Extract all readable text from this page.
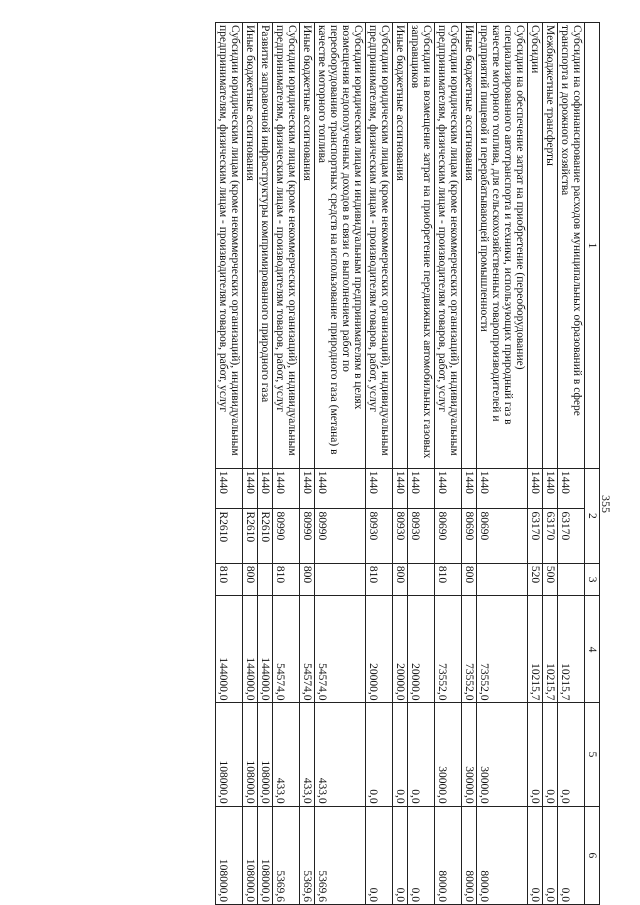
355
1	2		3	4	5	6
Субсидии на софинансирование расходов муниципальных образований в сфере транспорта и дорожного хозяйства	1440	63170		10215,7	0,0	0,0
Межбюджетные трансферты	1440	63170	500	10215,7	0,0	0,0
Субсидии	1440	63170	520	10215,7	0,0	0,0
Субсидии на обеспечение затрат на приобретение (переоборудование) специализированного автотранспорта и техники, использующих природный газ в качестве моторного топлива, для сельскохозяйственных товаропроизводителей и предприятий пищевой и перерабатывающей промышленности	1440	80690		73552,0	30000,0	8000,0
Иные бюджетные ассигнования	1440	80690	800	73552,0	30000,0	8000,0
Субсидии юридическим лицам (кроме некоммерческих организаций), индивидуальным предпринимателям, физическим лицам - производителям товаров, работ, услуг	1440	80690	810	73552,0	30000,0	8000,0
Субсидии на возмещение затрат на приобретение передвижных автомобильных газовых заправщиков	1440	80930		20000,0	0,0	0,0
Иные бюджетные ассигнования	1440	80930	800	20000,0	0,0	0,0
Субсидии юридическим лицам (кроме некоммерческих организаций), индивидуальным предпринимателям, физическим лицам - производителям товаров, работ, услуг	1440	80930	810	20000,0	0,0	0,0
Субсидии юридическим лицам и индивидуальным предпринимателям в целях возмещения недополученных доходов в связи с выполнением работ по переоборудованию транспортных средств на использование природного газа (метана) в качестве моторного топлива	1440	80990		54574,0	433,0	5369,6
Иные бюджетные ассигнования	1440	80990	800	54574,0	433,0	5369,6
Субсидии юридическим лицам (кроме некоммерческих организаций), индивидуальным предпринимателям, физическим лицам - производителям товаров, работ, услуг	1440	80990	810	54574,0	433,0	5369,6
Развитие заправочной инфраструктуры компримированного природного газа	1440	R2610		144000,0	108000,0	108000,0
Иные бюджетные ассигнования	1440	R2610	800	144000,0	108000,0	108000,0
Субсидии юридическим лицам (кроме некоммерческих организаций), индивидуальным предпринимателям, физическим лицам - производителям товаров, работ, услуг	1440	R2610	810	144000,0	108000,0	108000,0
